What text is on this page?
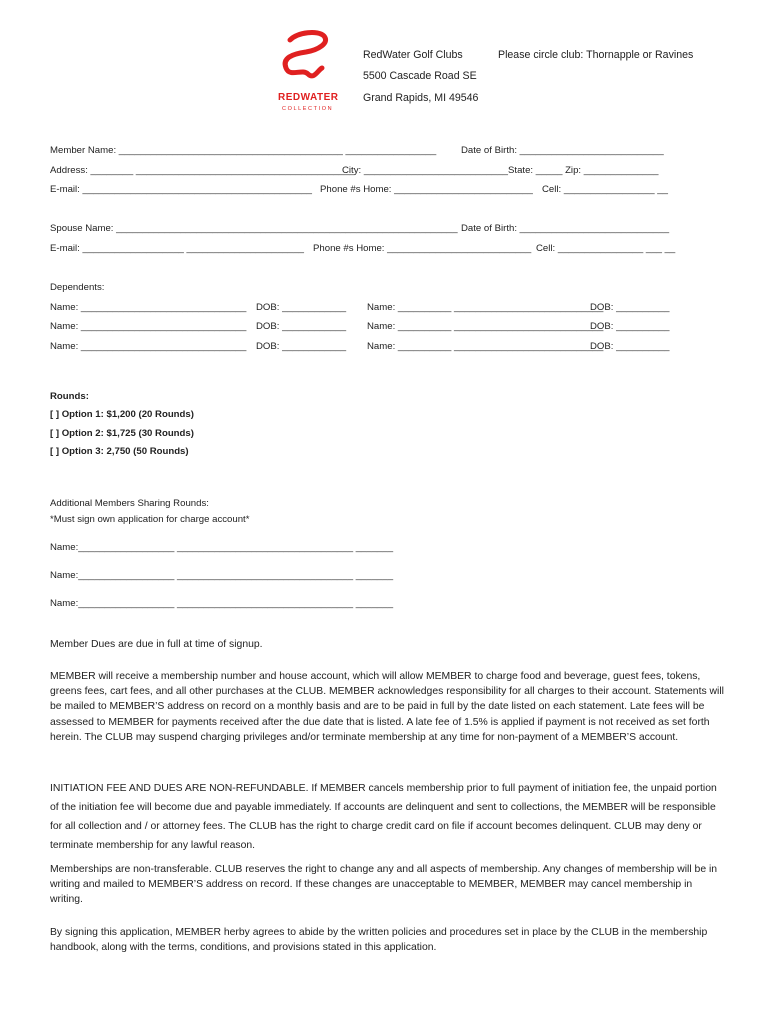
REDWATER
COLLECTION
RedWater Golf Clubs	Please circle club: Thornapple or Ravines
5500 Cascade Road SE
Grand Rapids, MI 49546
Member Name: __________________________________________ _________________	Date of Birth: ___________________________
Address: ________ _________________________________________
City: ___________________________ State: _____ Zip: ______________
E-mail: ___________________________________________ Phone #s Home: __________________________ Cell: _________________ __
Spouse Name: ________________________________________________________________ Date of Birth: ____________________________
E-mail: ___________________ ______________________ Phone #s Home: ___________________________ Cell: ________________ ___ __
Dependents:
Name: _______________________________ DOB: ____________ Name: __________ ____________________________
DOB: __________
Name: _______________________________ DOB: ____________ Name: __________ ____________________________
DOB: __________
Name: _______________________________ DOB: ____________ Name: __________ ____________________________
DOB: __________
Rounds:
[ ] Option 1: $1,200 (20 Rounds)
[ ] Option 2: $1,725 (30 Rounds)
[ ] Option 3: 2,750 (50 Rounds)
Additional Members Sharing Rounds:
*Must sign own application for charge account*
Name:__________________ _________________________________ _______
Name:__________________ _________________________________ _______
Name:__________________ _________________________________ _______
Member Dues are due in full at time of signup.
MEMBER will receive a membership number and house account, which will allow MEMBER to charge food and beverage, guest fees, tokens, greens fees, cart fees, and all other purchases at the CLUB. MEMBER acknowledges responsibility for all charges to their account. Statements will be mailed to MEMBER’S address on record on a monthly basis and are to be paid in full by the date listed on each statement. Late fees will be assessed to MEMBER for payments received after the due date that is listed. A late fee of 1.5% is applied if payment is not received as set forth herein. The CLUB may suspend charging privileges and/or terminate membership at any time for non-payment of a MEMBER’S account.
INITIATION FEE AND DUES ARE NON-REFUNDABLE. If MEMBER cancels membership prior to full payment of initiation fee, the unpaid portion of the initiation fee will become due and payable immediately. If accounts are delinquent and sent to collections, the MEMBER will be responsible for all collection and / or attorney fees. The CLUB has the right to charge credit card on file if account becomes delinquent. CLUB may deny or terminate membership for any lawful reason.
Memberships are non-transferable. CLUB reserves the right to change any and all aspects of membership. Any changes of membership will be in writing and mailed to MEMBER’S address on record. If these changes are unacceptable to MEMBER, MEMBER may cancel membership in writing.
By signing this application, MEMBER herby agrees to abide by the written policies and procedures set in place by the CLUB in the membership handbook, along with the terms, conditions, and provisions stated in this application.
